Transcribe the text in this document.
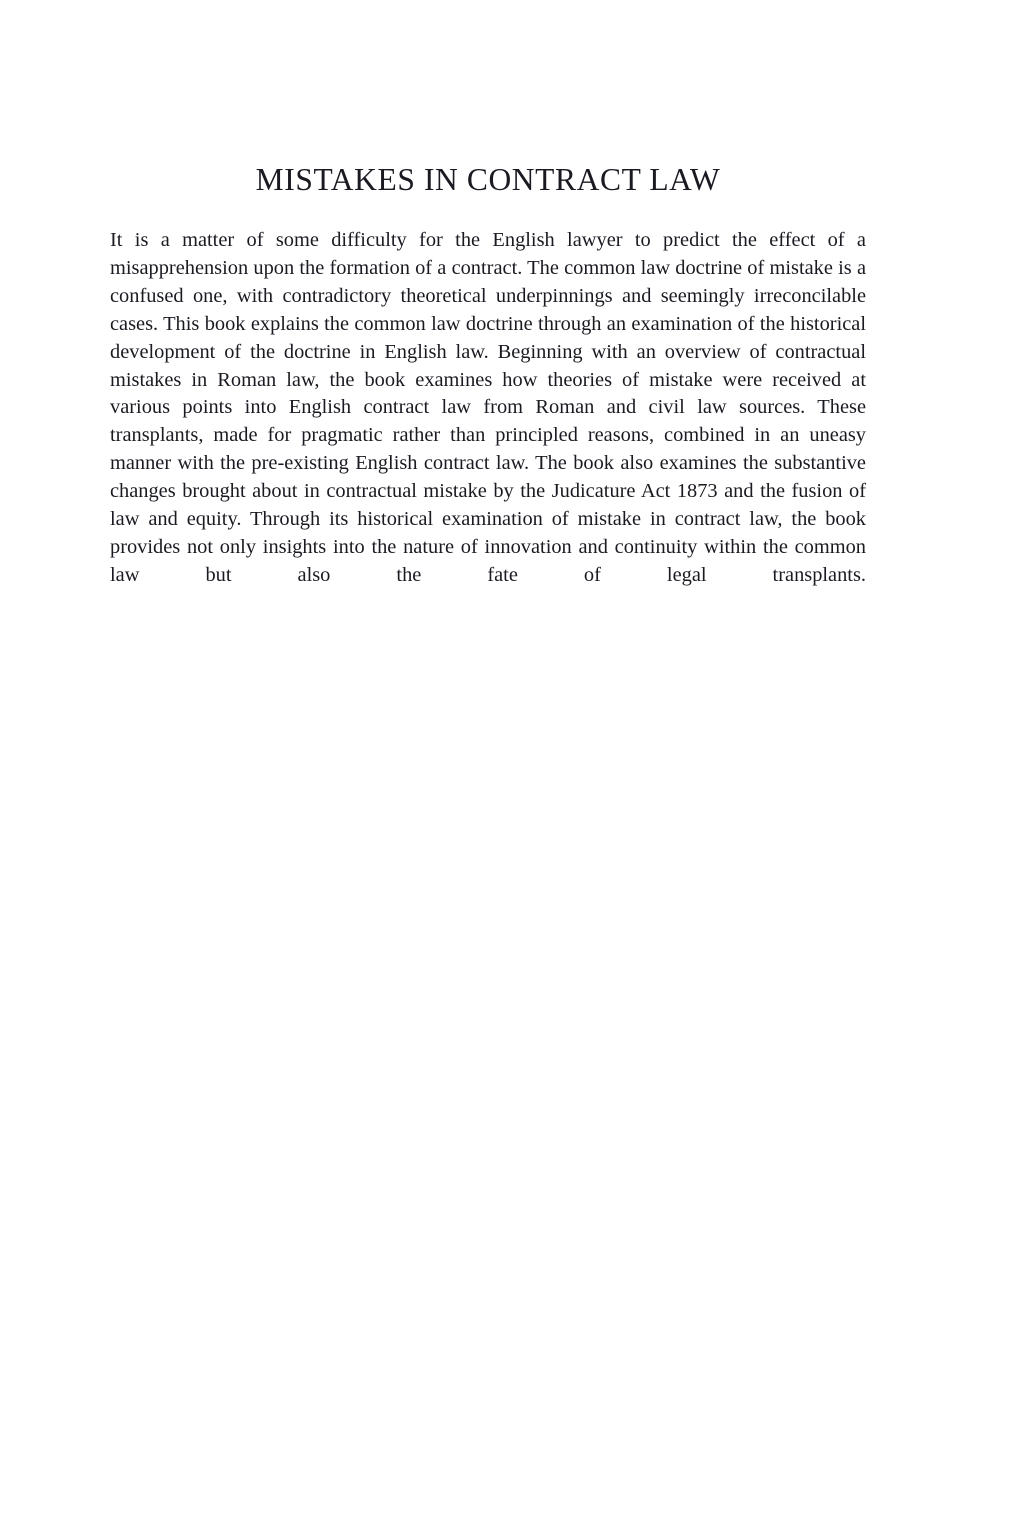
MISTAKES IN CONTRACT LAW

It is a matter of some difficulty for the English lawyer to predict the effect of a misapprehension upon the formation of a contract. The common law doctrine of mistake is a confused one, with contradictory theoretical underpinnings and seemingly irreconcilable cases. This book explains the common law doctrine through an examination of the historical development of the doctrine in English law. Beginning with an overview of contractual mistakes in Roman law, the book examines how theories of mistake were received at various points into English contract law from Roman and civil law sources. These transplants, made for pragmatic rather than principled reasons, combined in an uneasy manner with the pre-existing English contract law. The book also examines the substantive changes brought about in contractual mistake by the Judicature Act 1873 and the fusion of law and equity. Through its historical examination of mistake in contract law, the book provides not only insights into the nature of innovation and continuity within the common law but also the fate of legal transplants.
